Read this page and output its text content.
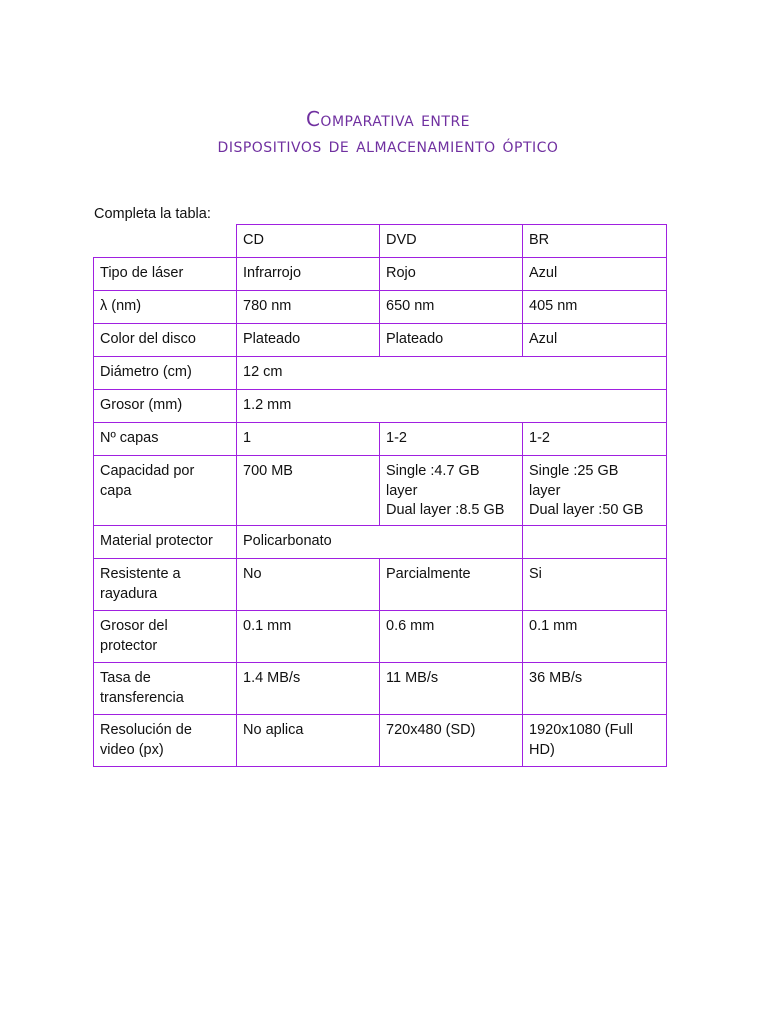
Comparativa entre
dispositivos de almacenamiento óptico
Completa la tabla:
	CD	DVD	BR

Tipo de láser	Infrarrojo	Rojo	Azul

λ (nm)	780 nm	650 nm	405 nm

Color del disco	Plateado	Plateado	Azul

Diámetro (cm)	12 cm		

Grosor (mm)	1.2 mm		

Nº capas	1	1-2	1-2

Capacidad por
capa	700 MB	Single :4.7 GB
layer
Dual layer :8.5 GB	Single :25 GB
layer
Dual layer :50 GB

Material protector	Policarbonato		

Resistente a
rayadura	No	Parcialmente	Si

Grosor del
protector	0.1 mm	0.6 mm	0.1 mm

Tasa de
transferencia	1.4 MB/s	11 MB/s	36 MB/s

Resolución de
video (px)	No aplica	720x480 (SD)	1920x1080 (Full
HD)
